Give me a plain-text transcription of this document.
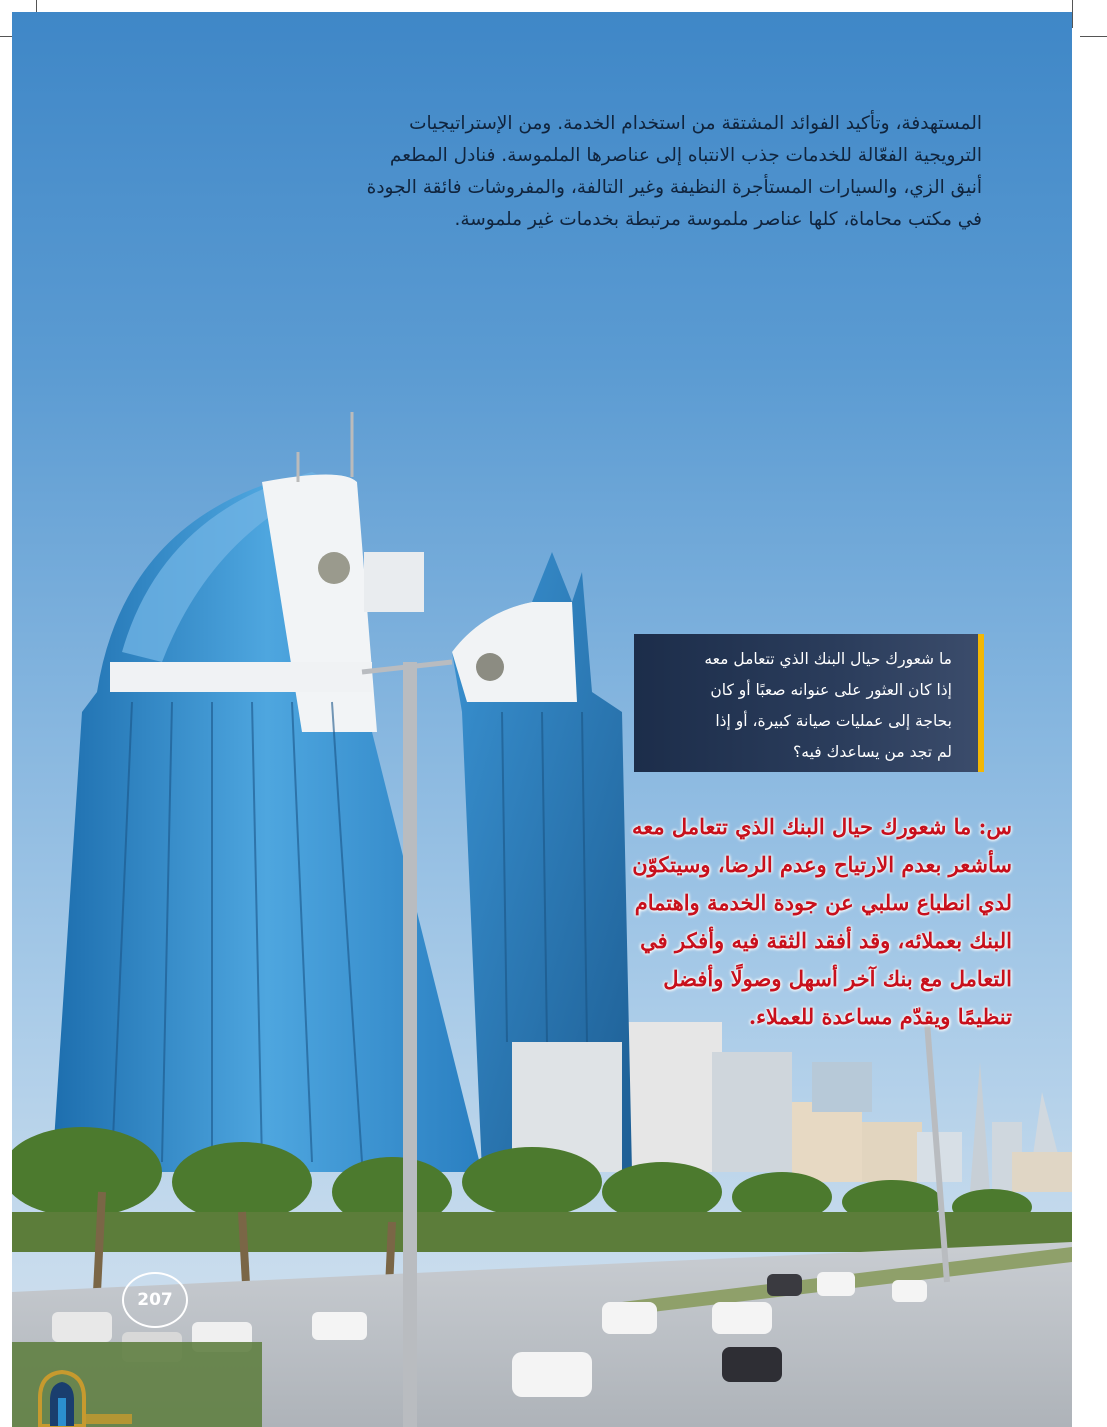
المستهدفة، وتأكيد الفوائد المشتقة من استخدام الخدمة. ومن الإستراتيجيات

الترويجية الفعّالة للخدمات جذب الانتباه إلى عناصرها الملموسة. فنادل المطعم

أنيق الزي، والسيارات المستأجرة النظيفة وغير التالفة، والمفروشات فائقة الجودة

في مكتب محاماة، كلها عناصر ملموسة مرتبطة بخدمات غير ملموسة.

ما شعورك حيال البنك الذي تتعامل معه

إذا كان العثور على عنوانه صعبًا أو كان

بحاجة إلى عمليات صيانة كبيرة، أو إذا

لم تجد من يساعدك فيه؟

س: ما شعورك حيال البنك الذي تتعامل معه

سأشعر بعدم الارتياح وعدم الرضا، وسيتكوّن

لدي انطباع سلبي عن جودة الخدمة واهتمام

البنك بعملائه، وقد أفقد الثقة فيه وأفكر في

التعامل مع بنك آخر أسهل وصولًا وأفضل

تنظيمًا ويقدّم مساعدة للعملاء.

207
